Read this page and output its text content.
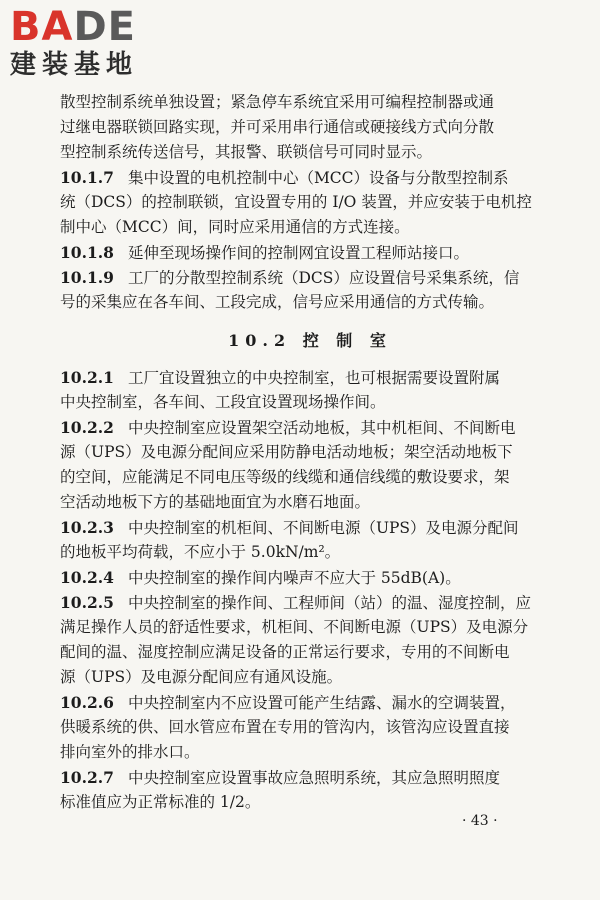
BADE
建装基地
散型控制系统单独设置；紧急停车系统宜采用可编程控制器或通
过继电器联锁回路实现，并可采用串行通信或硬接线方式向分散
型控制系统传送信号，其报警、联锁信号可同时显示。
10.1.7 集中设置的电机控制中心（MCC）设备与分散型控制系
统（DCS）的控制联锁，宜设置专用的 I/O 装置，并应安装于电机控
制中心（MCC）间，同时应采用通信的方式连接。
10.1.8 延伸至现场操作间的控制网宜设置工程师站接口。
10.1.9 工厂的分散型控制系统（DCS）应设置信号采集系统，信
号的采集应在各车间、工段完成，信号应采用通信的方式传输。
10.2 控 制 室
10.2.1 工厂宜设置独立的中央控制室，也可根据需要设置附属
中央控制室，各车间、工段宜设置现场操作间。
10.2.2 中央控制室应设置架空活动地板，其中机柜间、不间断电
源（UPS）及电源分配间应采用防静电活动地板；架空活动地板下
的空间，应能满足不同电压等级的线缆和通信线缆的敷设要求，架
空活动地板下方的基础地面宜为水磨石地面。
10.2.3 中央控制室的机柜间、不间断电源（UPS）及电源分配间
的地板平均荷载，不应小于 5.0kN/m²。
10.2.4 中央控制室的操作间内噪声不应大于 55dB(A)。
10.2.5 中央控制室的操作间、工程师间（站）的温、湿度控制，应
满足操作人员的舒适性要求，机柜间、不间断电源（UPS）及电源分
配间的温、湿度控制应满足设备的正常运行要求，专用的不间断电
源（UPS）及电源分配间应有通风设施。
10.2.6 中央控制室内不应设置可能产生结露、漏水的空调装置，
供暖系统的供、回水管应布置在专用的管沟内，该管沟应设置直接
排向室外的排水口。
10.2.7 中央控制室应设置事故应急照明系统，其应急照明照度
标准值应为正常标准的 1/2。
· 43 ·
